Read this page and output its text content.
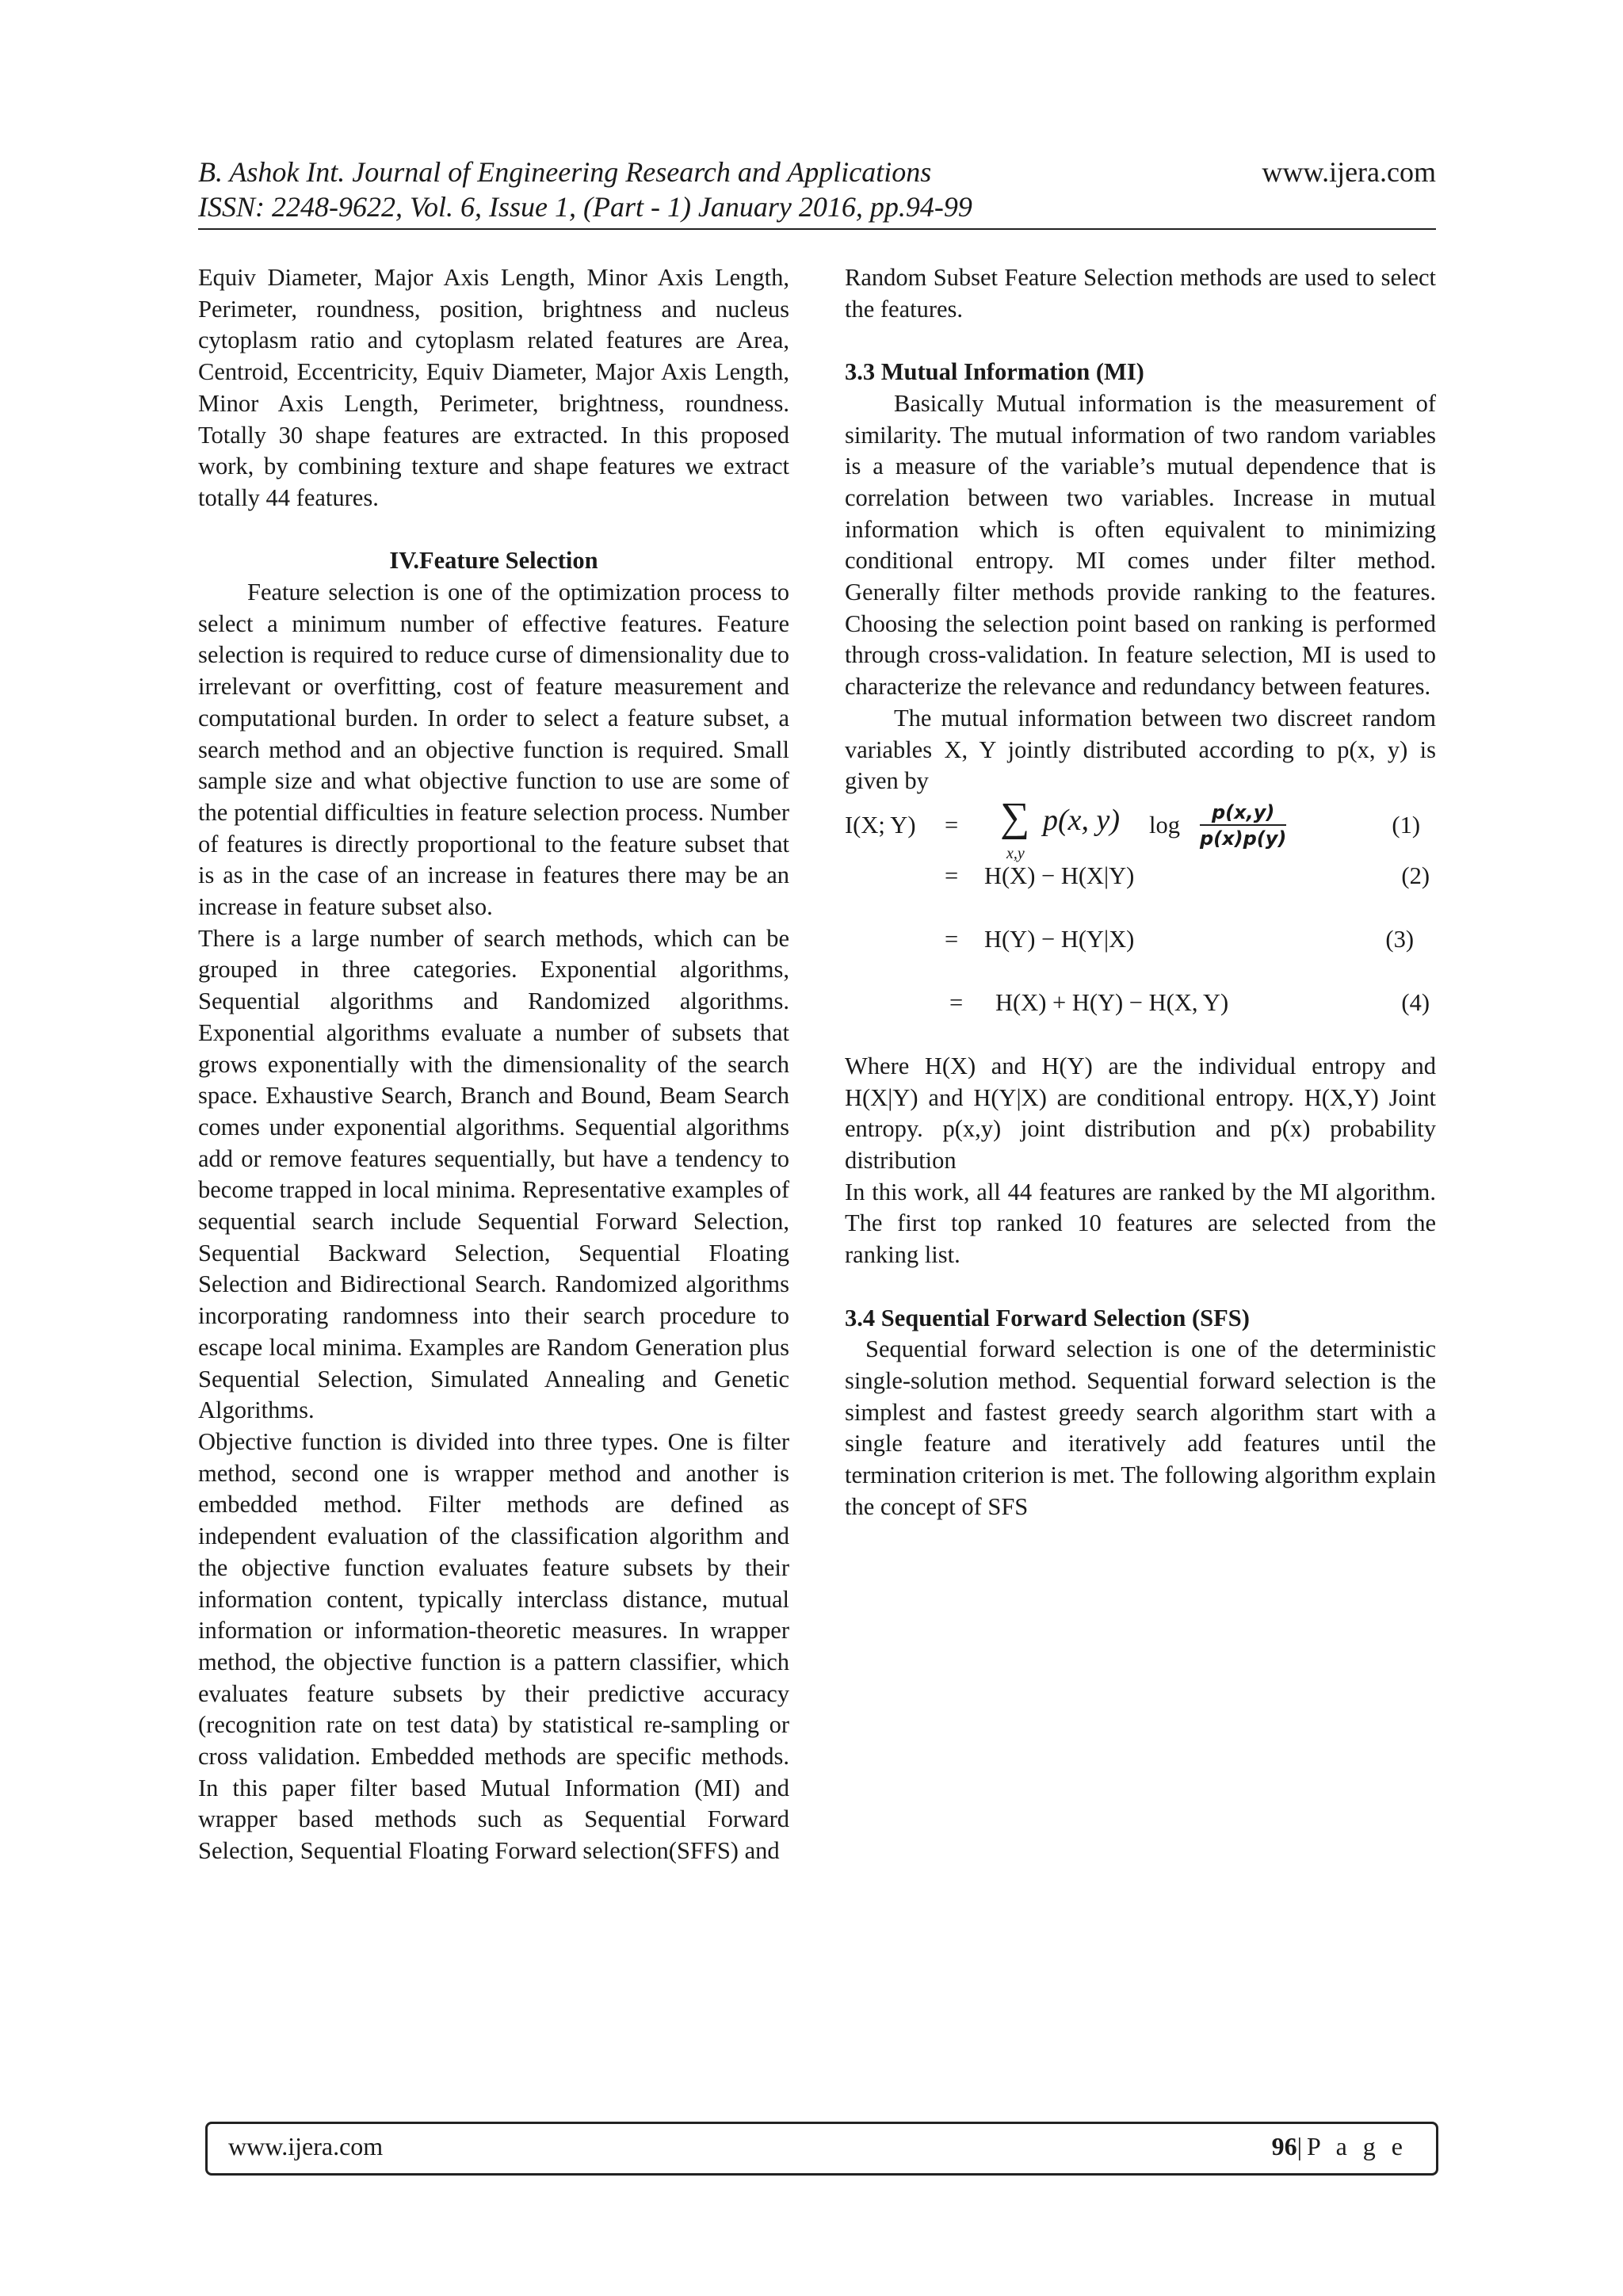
B. Ashok Int. Journal of Engineering Research and Applications	www.ijera.com
ISSN: 2248-9622, Vol. 6, Issue 1, (Part - 1) January 2016, pp.94-99

Equiv Diameter, Major Axis Length, Minor Axis Length, Perimeter, roundness, position, brightness and nucleus cytoplasm ratio and cytoplasm related features are Area, Centroid, Eccentricity, Equiv Diameter, Major Axis Length, Minor Axis Length, Perimeter, brightness, roundness. Totally 30 shape features are extracted. In this proposed work, by combining texture and shape features we extract totally 44 features.

IV.Feature Selection

Feature selection is one of the optimization process to select a minimum number of effective features. Feature selection is required to reduce curse of dimensionality due to irrelevant or overfitting, cost of feature measurement and computational burden. In order to select a feature subset, a search method and an objective function is required. Small sample size and what objective function to use are some of the potential difficulties in feature selection process. Number of features is directly proportional to the feature subset that is as in the case of an increase in features there may be an increase in feature subset also.

There is a large number of search methods, which can be grouped in three categories. Exponential algorithms, Sequential algorithms and Randomized algorithms. Exponential algorithms evaluate a number of subsets that grows exponentially with the dimensionality of the search space. Exhaustive Search, Branch and Bound, Beam Search comes under exponential algorithms. Sequential algorithms add or remove features sequentially, but have a tendency to become trapped in local minima. Representative examples of sequential search include Sequential Forward Selection, Sequential Backward Selection, Sequential Floating Selection and Bidirectional Search. Randomized algorithms incorporating randomness into their search procedure to escape local minima. Examples are Random Generation plus Sequential Selection, Simulated Annealing and Genetic Algorithms.

Objective function is divided into three types. One is filter method, second one is wrapper method and another is embedded method. Filter methods are defined as independent evaluation of the classification algorithm and the objective function evaluates feature subsets by their information content, typically interclass distance, mutual information or information-theoretic measures. In wrapper method, the objective function is a pattern classifier, which evaluates feature subsets by their predictive accuracy (recognition rate on test data) by statistical re-sampling or cross validation. Embedded methods are specific methods. In this paper filter based Mutual Information (MI) and wrapper based methods such as Sequential Forward Selection, Sequential Floating Forward selection(SFFS) and

Random Subset Feature Selection methods are used to select the features.

3.3 Mutual Information (MI)

Basically Mutual information is the measurement of similarity. The mutual information of two random variables is a measure of the variable’s mutual dependence that is correlation between two variables. Increase in mutual information which is often equivalent to minimizing conditional entropy. MI comes under filter method. Generally filter methods provide ranking to the features. Choosing the selection point based on ranking is performed through cross-validation. In feature selection, MI is used to characterize the relevance and redundancy between features.

The mutual information between two discreet random variables X, Y jointly distributed according to p(x, y) is given by

I(X; Y) = ∑
x,y
p(x, y) $\log \frac{p(x,y)}{p(x)p(y)}$	(1)
= H(X) − H(X|Y)	(2)
= H(Y) − H(Y|X)	(3)
= H(X) + H(Y) − H(X, Y)	(4)

Where H(X) and H(Y) are the individual entropy and H(X|Y) and H(Y|X) are conditional entropy. H(X,Y) Joint entropy. p(x,y) joint distribution and p(x) probability distribution

In this work, all 44 features are ranked by the MI algorithm. The first top ranked 10 features are selected from the ranking list.

3.4 Sequential Forward Selection (SFS)

Sequential forward selection is one of the deterministic single-solution method. Sequential forward selection is the simplest and fastest greedy search algorithm start with a single feature and iteratively add features until the termination criterion is met. The following algorithm explain the concept of SFS

www.ijera.com	96|P a g e
